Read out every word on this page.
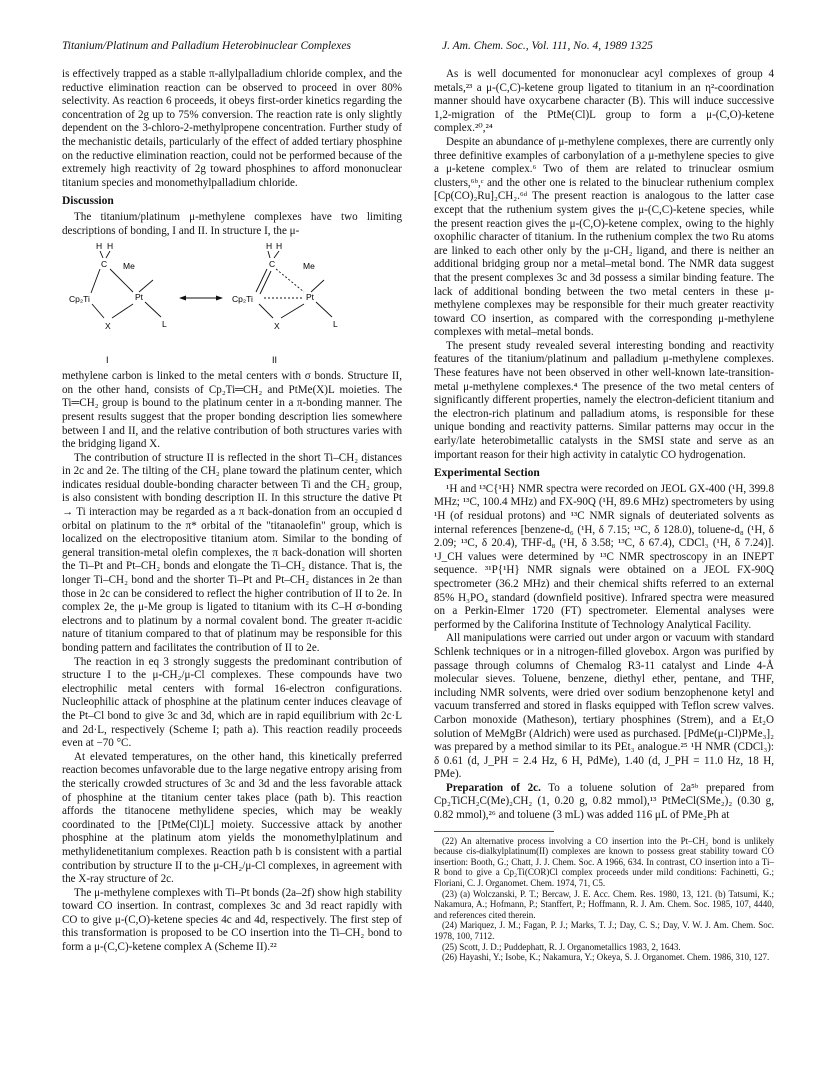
Titanium/Platinum and Palladium Heterobinuclear Complexes	J. Am. Chem. Soc., Vol. 111, No. 4, 1989 1325

is effectively trapped as a stable π-allylpalladium chloride complex, and the reductive elimination reaction can be observed to proceed in over 80% selectivity. As reaction 6 proceeds, it obeys first-order kinetics regarding the concentration of 2g up to 75% conversion. The reaction rate is only slightly dependent on the 3-chloro-2-methylpropene concentration. Further study of the mechanistic details, particularly of the effect of added tertiary phosphine on the reductive elimination reaction, could not be performed because of the extremely high reactivity of 2g toward phosphines to afford mononuclear titanium species and monomethylpalladium chloride.

Discussion

The titanium/platinum μ-methylene complexes have two limiting descriptions of bonding, I and II. In structure I, the μ-

H H
C Me
Cp₂Ti	Pt
X	L
I
H H
C	Me
Cp₂Ti	Pt
X	L
II

methylene carbon is linked to the metal centers with σ bonds. Structure II, on the other hand, consists of Cp₂Ti═CH₂ and PtMe(X)L moieties. The Ti═CH₂ group is bound to the platinum center in a π-bonding manner. The present results suggest that the proper bonding description lies somewhere between I and II, and the relative contribution of both structures varies with the bridging ligand X.

The contribution of structure II is reflected in the short Ti–CH₂ distances in 2c and 2e. The tilting of the CH₂ plane toward the platinum center, which indicates residual double-bonding character between Ti and the CH₂ group, is also consistent with bonding description II. In this structure the dative Pt → Ti interaction may be regarded as a π back-donation from an occupied d orbital on platinum to the π* orbital of the "titanaolefin" group, which is localized on the electropositive titanium atom. Similar to the bonding of general transition-metal olefin complexes, the π back-donation will shorten the Ti–Pt and Pt–CH₂ bonds and elongate the Ti–CH₂ distance. That is, the longer Ti–CH₂ bond and the shorter Ti–Pt and Pt–CH₂ distances in 2e than those in 2c can be considered to reflect the higher contribution of II to 2e. In complex 2e, the μ-Me group is ligated to titanium with its C–H σ-bonding electrons and to platinum by a normal covalent bond. The greater π-acidic nature of titanium compared to that of platinum may be responsible for this bonding pattern and facilitates the contribution of II to 2e.

The reaction in eq 3 strongly suggests the predominant contribution of structure I to the μ-CH₂/μ-Cl complexes. These compounds have two electrophilic metal centers with formal 16-electron configurations. Nucleophilic attack of phosphine at the platinum center induces cleavage of the Pt–Cl bond to give 3c and 3d, which are in rapid equilibrium with 2c·L and 2d·L, respectively (Scheme I; path a). This reaction readily proceeds even at −70 °C.

At elevated temperatures, on the other hand, this kinetically preferred reaction becomes unfavorable due to the large negative entropy arising from the sterically crowded structures of 3c and 3d and the less favorable attack of phosphine at the titanium center takes place (path b). This reaction affords the titanocene methylidene species, which may be weakly coordinated to the [PtMe(Cl)L] moiety. Successive attack by another phosphine at the platinum atom yields the monomethylplatinum and methylidenetitanium complexes. Reaction path b is consistent with a partial contribution by structure II to the μ-CH₂/μ-Cl complexes, in agreement with the X-ray structure of 2c.

The μ-methylene complexes with Ti–Pt bonds (2a–2f) show high stability toward CO insertion. In contrast, complexes 3c and 3d react rapidly with CO to give μ-(C,O)-ketene species 4c and 4d, respectively. The first step of this transformation is proposed to be CO insertion into the Ti–CH₂ bond to form a μ-(C,C)-ketene complex A (Scheme II).²²

As is well documented for mononuclear acyl complexes of group 4 metals,²³ a μ-(C,C)-ketene group ligated to titanium in an η²-coordination manner should have oxycarbene character (B). This will induce successive 1,2-migration of the PtMe(Cl)L group to form a μ-(C,O)-ketene complex.²⁰,²⁴

Despite an abundance of μ-methylene complexes, there are currently only three definitive examples of carbonylation of a μ-methylene species to give a μ-ketene complex.⁶ Two of them are related to trinuclear osmium clusters,⁶ᵇ,ᶜ and the other one is related to the binuclear ruthenium complex [Cp(CO)₂Ru]₂CH₂.⁶ᵈ The present reaction is analogous to the latter case except that the ruthenium system gives the μ-(C,C)-ketene species, while the present reaction gives the μ-(C,O)-ketene complex, owing to the highly oxophilic character of titanium. In the ruthenium complex the two Ru atoms are linked to each other only by the μ-CH₂ ligand, and there is neither an additional bridging group nor a metal–metal bond. The NMR data suggest that the present complexes 3c and 3d possess a similar binding feature. The lack of additional bonding between the two metal centers in these μ-methylene complexes may be responsible for their much greater reactivity toward CO insertion, as compared with the corresponding μ-methylene complexes with metal–metal bonds.

The present study revealed several interesting bonding and reactivity features of the titanium/platinum and palladium μ-methylene complexes. These features have not been observed in other well-known late-transition-metal μ-methylene complexes.⁴ The presence of the two metal centers of significantly different properties, namely the electron-deficient titanium and the electron-rich platinum and palladium atoms, is responsible for these unique bonding and reactivity patterns. Similar patterns may occur in the early/late heterobimetallic catalysts in the SMSI state and serve as an important reason for their high activity in catalytic CO hydrogenation.

Experimental Section

¹H and ¹³C{¹H} NMR spectra were recorded on JEOL GX-400 (¹H, 399.8 MHz; ¹³C, 100.4 MHz) and FX-90Q (¹H, 89.6 MHz) spectrometers by using ¹H (of residual protons) and ¹³C NMR signals of deuteriated solvents as internal references [benzene-d₆ (¹H, δ 7.15; ¹³C, δ 128.0), toluene-d₈ (¹H, δ 2.09; ¹³C, δ 20.4), THF-d₈ (¹H, δ 3.58; ¹³C, δ 67.4), CDCl₃ (¹H, δ 7.24)]. ¹J_CH values were determined by ¹³C NMR spectroscopy in an INEPT sequence. ³¹P{¹H} NMR signals were obtained on a JEOL FX-90Q spectrometer (36.2 MHz) and their chemical shifts referred to an external 85% H₃PO₄ standard (downfield positive). Infrared spectra were measured on a Perkin-Elmer 1720 (FT) spectrometer. Elemental analyses were performed by the Califorina Institute of Technology Analytical Facility.

All manipulations were carried out under argon or vacuum with standard Schlenk techniques or in a nitrogen-filled glovebox. Argon was purified by passage through columns of Chemalog R3-11 catalyst and Linde 4-Å molecular sieves. Toluene, benzene, diethyl ether, pentane, and THF, including NMR solvents, were dried over sodium benzophenone ketyl and vacuum transferred and stored in flasks equipped with Teflon screw valves. Carbon monoxide (Matheson), tertiary phosphines (Strem), and a Et₂O solution of MeMgBr (Aldrich) were used as purchased. [PdMe(μ-Cl)PMe₃]₂ was prepared by a method similar to its PEt₃ analogue.²⁵ ¹H NMR (CDCl₃): δ 0.61 (d, J_PH = 2.4 Hz, 6 H, PdMe), 1.40 (d, J_PH = 11.0 Hz, 18 H, PMe).

Preparation of 2c. To a toluene solution of 2a⁵ᵇ prepared from Cp₂TiCH₂C(Me)₂CH₂ (1, 0.20 g, 0.82 mmol),¹³ PtMeCl(SMe₂)₂ (0.30 g, 0.82 mmol),²⁶ and toluene (3 mL) was added 116 μL of PMe₂Ph at

(22) An alternative process involving a CO insertion into the Pt–CH₂ bond is unlikely because cis-dialkylplatinum(II) complexes are known to possess great stability toward CO insertion: Booth, G.; Chatt, J. J. Chem. Soc. A 1966, 634. In contrast, CO insertion into a Ti–R bond to give a Cp₂Ti(COR)Cl complex proceeds under mild conditions: Fachinetti, G.; Floriani, C. J. Organomet. Chem. 1974, 71, C5.

(23) (a) Wolczanski, P. T.; Bercaw, J. E. Acc. Chem. Res. 1980, 13, 121. (b) Tatsumi, K.; Nakamura, A.; Hofmann, P.; Stanffert, P.; Hoffmann, R. J. Am. Chem. Soc. 1985, 107, 4440, and references cited therein.

(24) Mariquez, J. M.; Fagan, P. J.; Marks, T. J.; Day, C. S.; Day, V. W. J. Am. Chem. Soc. 1978, 100, 7112.

(25) Scott, J. D.; Puddephatt, R. J. Organometallics 1983, 2, 1643.

(26) Hayashi, Y.; Isobe, K.; Nakamura, Y.; Okeya, S. J. Organomet. Chem. 1986, 310, 127.
